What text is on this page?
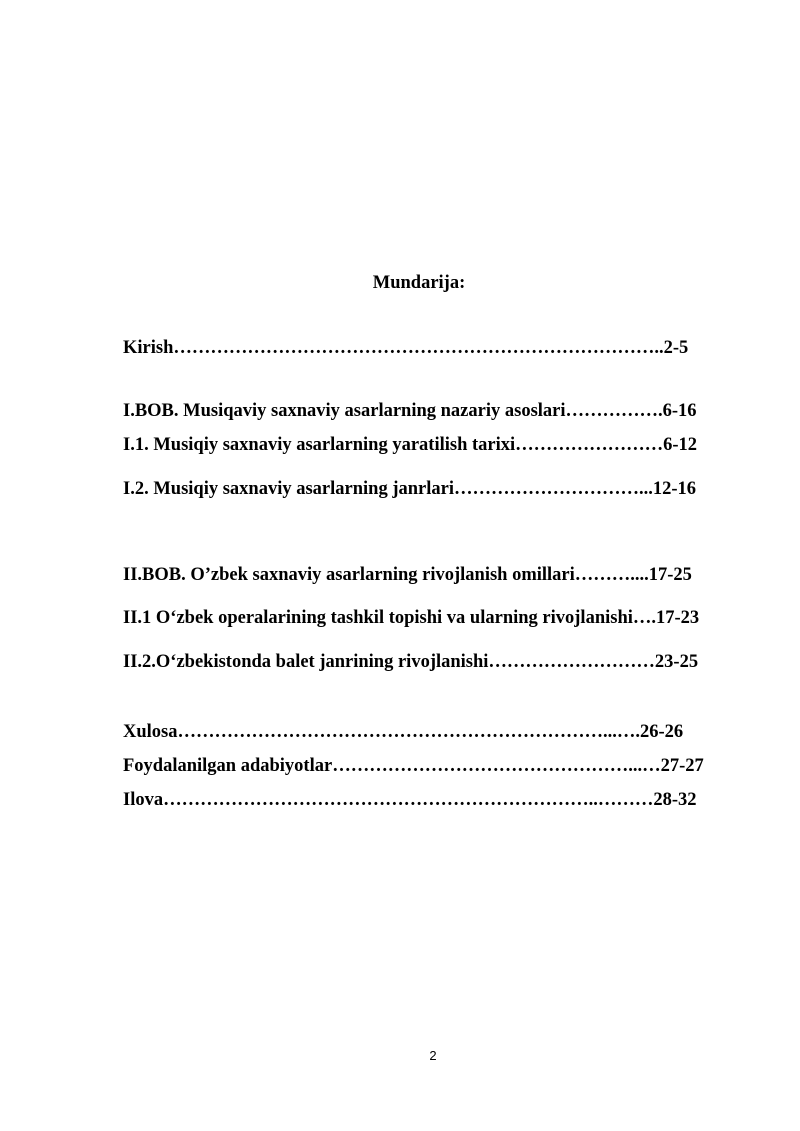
Mundarija:

Kirish……………………………………………………………………..2-5

I.BOB. Musiqaviy saxnaviy asarlarning nazariy asoslari…………….6-16

I.1. Musiqiy saxnaviy asarlarning yaratilish tarixi……………………6-12

I.2. Musiqiy saxnaviy asarlarning janrlari…………………………...12-16

II.BOB. O’zbek saxnaviy asarlarning rivojlanish omillari………....17-25

II.1 O‘zbek operalarining tashkil topishi va ularning rivojlanishi….17-23

II.2.O‘zbekistonda balet janrining rivojlanishi………………………23-25

Xulosa……………………………………………………………...….26-26

Foydalanilgan adabiyotlar…………………………………………...…27-27

Ilova……………………………………………………………..………28-32

2
